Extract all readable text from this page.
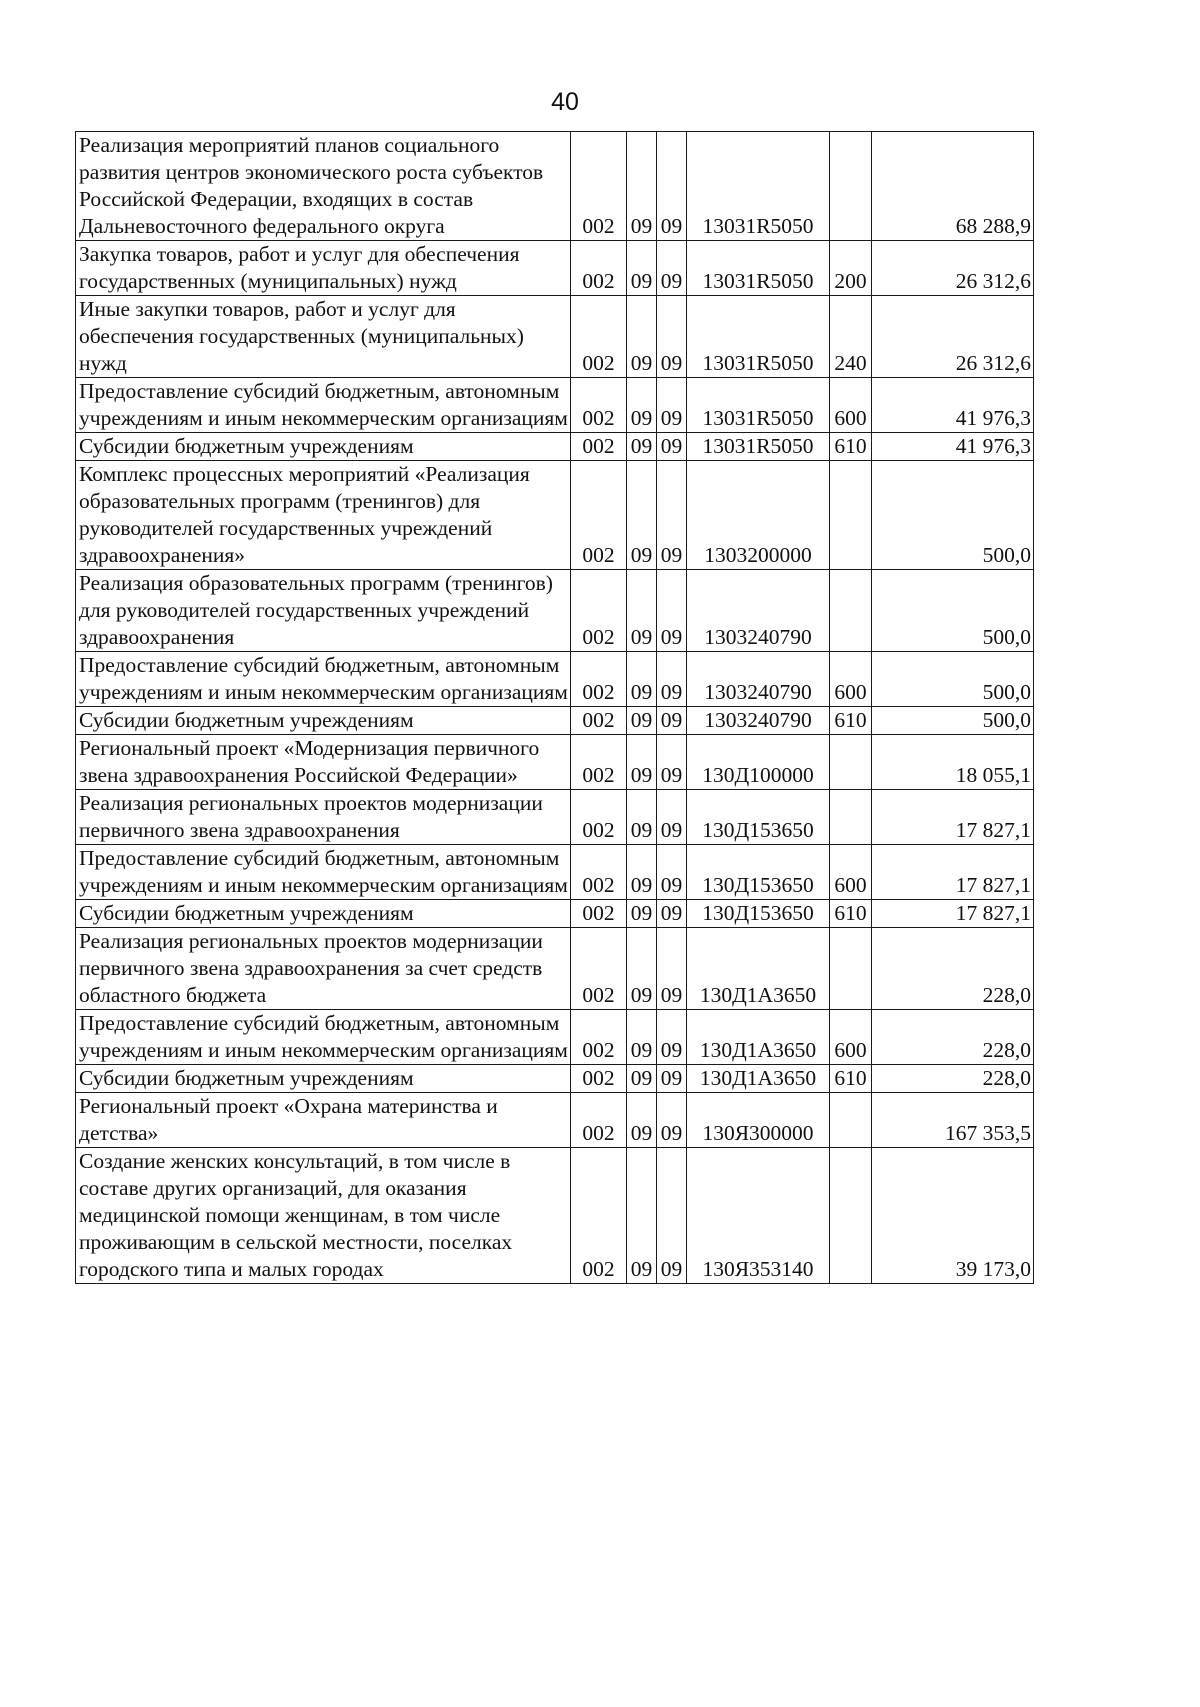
40
Реализация мероприятий планов социального развития центров экономического роста субъектов Российской Федерации, входящих в состав Дальневосточного федерального округа	002	09	09	13031R5050		68 288,9
Закупка товаров, работ и услуг для обеспечения государственных (муниципальных) нужд	002	09	09	13031R5050	200	26 312,6
Иные закупки товаров, работ и услуг для обеспечения государственных (муниципальных) нужд	002	09	09	13031R5050	240	26 312,6
Предоставление субсидий бюджетным, автономным учреждениям и иным некоммерческим организациям	002	09	09	13031R5050	600	41 976,3
Субсидии бюджетным учреждениям	002	09	09	13031R5050	610	41 976,3
Комплекс процессных мероприятий «Реализация образовательных программ (тренингов) для руководителей государственных учреждений здравоохранения»	002	09	09	1303200000		500,0
Реализация образовательных программ (тренингов) для руководителей государственных учреждений здравоохранения	002	09	09	1303240790		500,0
Предоставление субсидий бюджетным, автономным учреждениям и иным некоммерческим организациям	002	09	09	1303240790	600	500,0
Субсидии бюджетным учреждениям	002	09	09	1303240790	610	500,0
Региональный проект «Модернизация первичного звена здравоохранения Российской Федерации»	002	09	09	130Д100000		18 055,1
Реализация региональных проектов модернизации первичного звена здравоохранения	002	09	09	130Д153650		17 827,1
Предоставление субсидий бюджетным, автономным учреждениям и иным некоммерческим организациям	002	09	09	130Д153650	600	17 827,1
Субсидии бюджетным учреждениям	002	09	09	130Д153650	610	17 827,1
Реализация региональных проектов модернизации первичного звена здравоохранения за счет средств областного бюджета	002	09	09	130Д1А3650		228,0
Предоставление субсидий бюджетным, автономным учреждениям и иным некоммерческим организациям	002	09	09	130Д1А3650	600	228,0
Субсидии бюджетным учреждениям	002	09	09	130Д1А3650	610	228,0
Региональный проект «Охрана материнства и детства»	002	09	09	130Я300000		167 353,5
Создание женских консультаций, в том числе в составе других организаций, для оказания медицинской помощи женщинам, в том числе проживающим в сельской местности, поселках городского типа и малых городах	002	09	09	130Я353140		39 173,0
